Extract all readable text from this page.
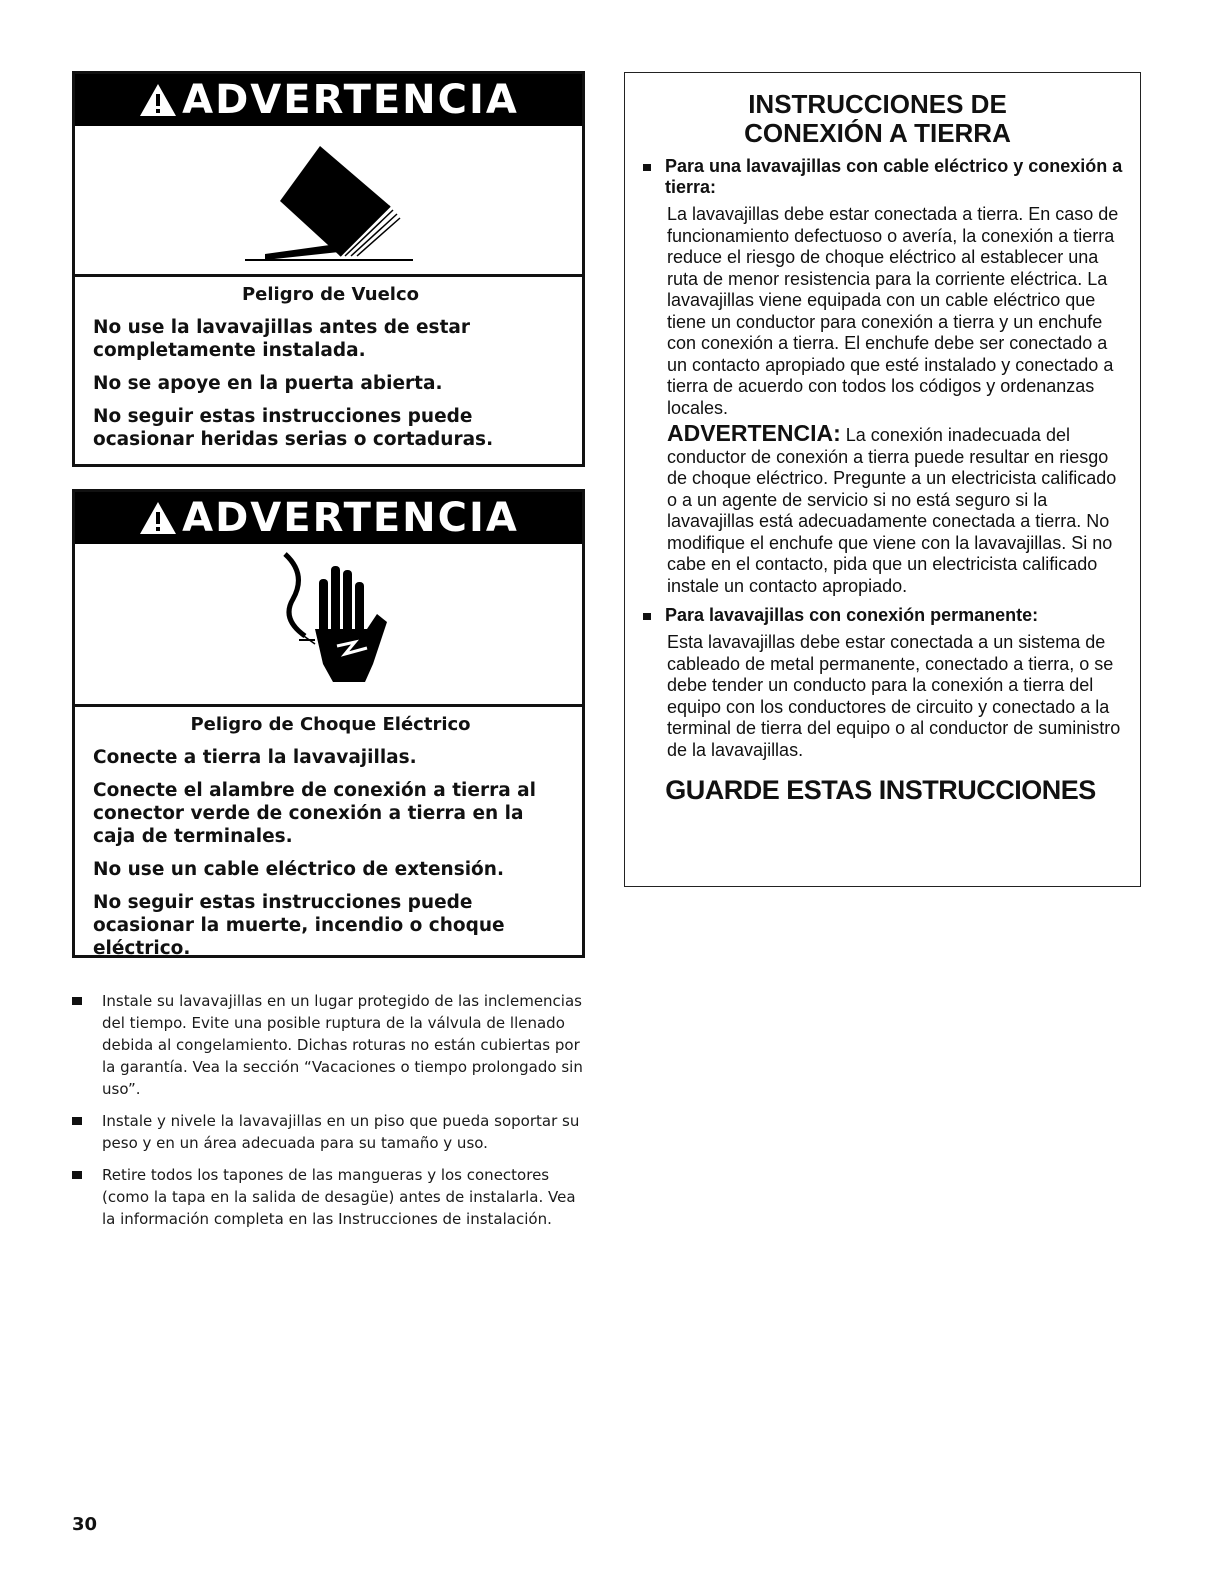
ADVERTENCIA
Peligro de Vuelco

No use la lavavajillas antes de estar completamente instalada.

No se apoye en la puerta abierta.

No seguir estas instrucciones puede ocasionar heridas serias o cortaduras.

ADVERTENCIA
Peligro de Choque Eléctrico

Conecte a tierra la lavavajillas.

Conecte el alambre de conexión a tierra al conector verde de conexión a tierra en la caja de terminales.

No use un cable eléctrico de extensión.

No seguir estas instrucciones puede ocasionar la muerte, incendio o choque eléctrico.

Instale su lavavajillas en un lugar protegido de las inclemencias del tiempo. Evite una posible ruptura de la válvula de llenado debida al congelamiento. Dichas roturas no están cubiertas por la garantía. Vea la sección “Vacaciones o tiempo prolongado sin uso”.
Instale y nivele la lavavajillas en un piso que pueda soportar su peso y en un área adecuada para su tamaño y uso.
Retire todos los tapones de las mangueras y los conectores (como la tapa en la salida de desagüe) antes de instalarla. Vea la información completa en las Instrucciones de instalación.
INSTRUCCIONES DE
CONEXIÓN A TIERRA
Para una lavavajillas con cable eléctrico y conexión a tierra:
La lavavajillas debe estar conectada a tierra. En caso de funcionamiento defectuoso o avería, la conexión a tierra reduce el riesgo de choque eléctrico al establecer una ruta de menor resistencia para la corriente eléctrica. La lavavajillas viene equipada con un cable eléctrico que tiene un conductor para conexión a tierra y un enchufe con conexión a tierra. El enchufe debe ser conectado a un contacto apropiado que esté instalado y conectado a tierra de acuerdo con todos los códigos y ordenanzas locales.
ADVERTENCIA: La conexión inadecuada del conductor de conexión a tierra puede resultar en riesgo de choque eléctrico. Pregunte a un electricista calificado o a un agente de servicio si no está seguro si la lavavajillas está adecuadamente conectada a tierra. No modifique el enchufe que viene con la lavavajillas. Si no cabe en el contacto, pida que un electricista calificado instale un contacto apropiado.
Para lavavajillas con conexión permanente:
Esta lavavajillas debe estar conectada a un sistema de cableado de metal permanente, conectado a tierra, o se debe tender un conducto para la conexión a tierra del equipo con los conductores de circuito y conectado a la terminal de tierra del equipo o al conductor de suministro de la lavavajillas.
GUARDE ESTAS INSTRUCCIONES
30
